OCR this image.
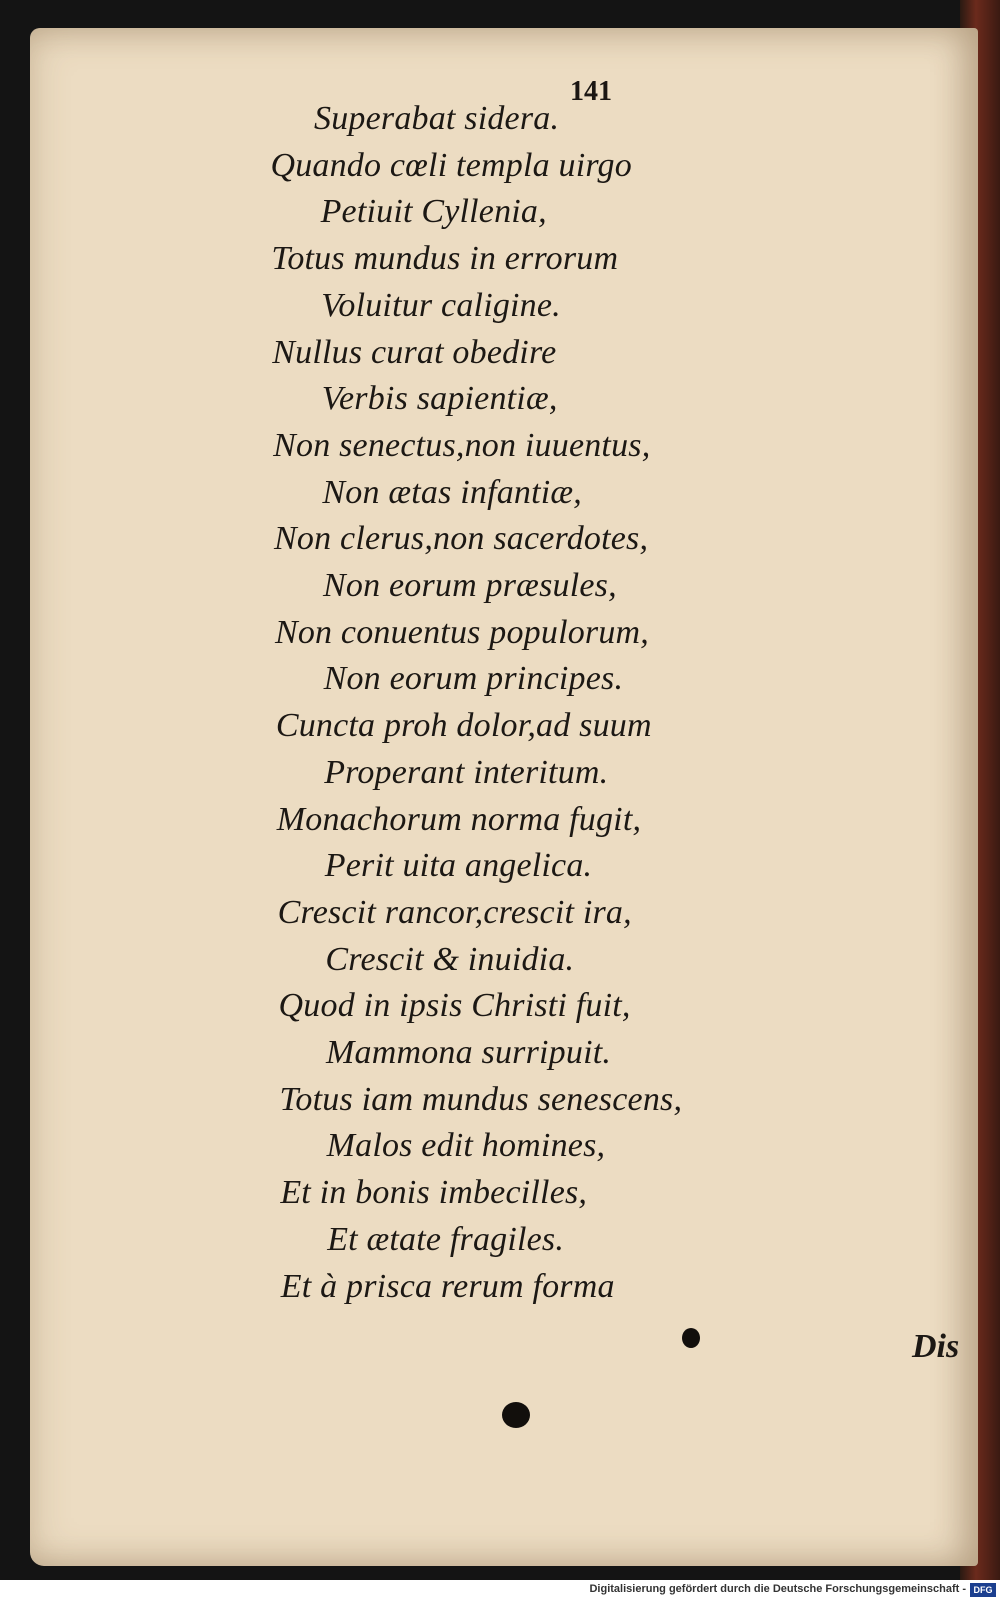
141
Superabat sidera.
Quando cœli templa uirgo
Petiuit Cyllenia,
Totus mundus in errorum
Voluitur caligine.
Nullus curat obedire
Verbis sapientiæ,
Non senectus,non iuuentus,
Non ætas infantiæ,
Non clerus,non sacerdotes,
Non eorum præsules,
Non conuentus populorum,
Non eorum principes.
Cuncta proh dolor,ad suum
Properant interitum.
Monachorum norma fugit,
Perit uita angelica.
Crescit rancor,crescit ira,
Crescit & inuidia.
Quod in ipsis Christi fuit,
Mammona surripuit.
Totus iam mundus senescens,
Malos edit homines,
Et in bonis imbecilles,
Et ætate fragiles.
Et à prisca rerum forma
Dis
Digitalisierung gefördert durch die Deutsche Forschungsgemeinschaft - DFG
